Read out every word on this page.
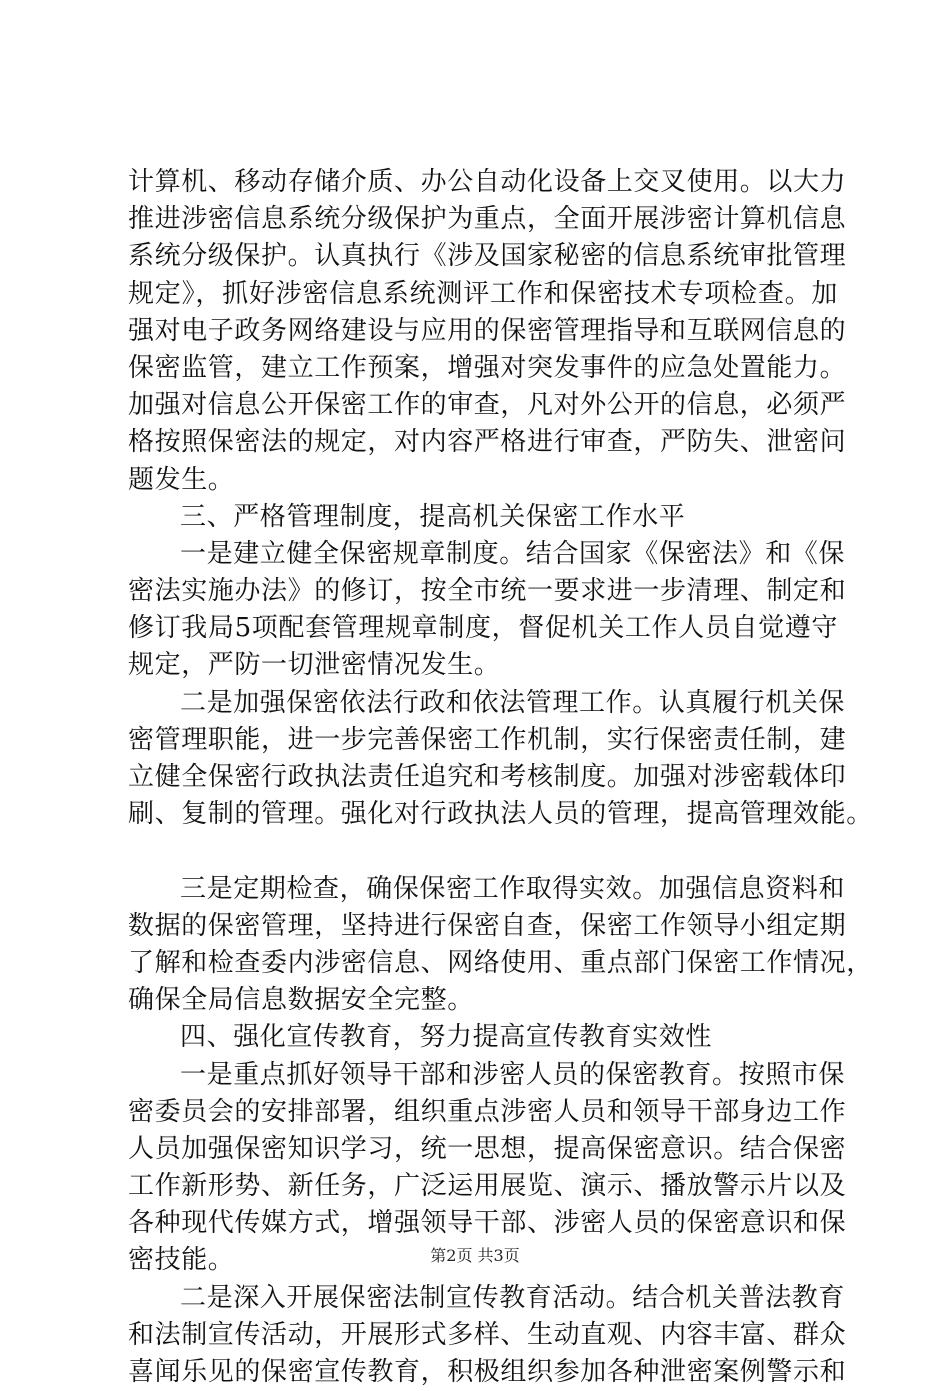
计算机、移动存储介质、办公自动化设备上交叉使用。以大力
推进涉密信息系统分级保护为重点，全面开展涉密计算机信息
系统分级保护。认真执行《涉及国家秘密的信息系统审批管理
规定》，抓好涉密信息系统测评工作和保密技术专项检查。加
强对电子政务网络建设与应用的保密管理指导和互联网信息的
保密监管，建立工作预案，增强对突发事件的应急处置能力。
加强对信息公开保密工作的审查，凡对外公开的信息，必须严
格按照保密法的规定，对内容严格进行审查，严防失、泄密问
题发生。
三、严格管理制度，提高机关保密工作水平
一是建立健全保密规章制度。结合国家《保密法》和《保
密法实施办法》的修订，按全市统一要求进一步清理、制定和
修订我局5项配套管理规章制度，督促机关工作人员自觉遵守
规定，严防一切泄密情况发生。
二是加强保密依法行政和依法管理工作。认真履行机关保
密管理职能，进一步完善保密工作机制，实行保密责任制，建
立健全保密行政执法责任追究和考核制度。加强对涉密载体印
刷、复制的管理。强化对行政执法人员的管理，提高管理效能。
三是定期检查，确保保密工作取得实效。加强信息资料和
数据的保密管理，坚持进行保密自查，保密工作领导小组定期
了解和检查委内涉密信息、网络使用、重点部门保密工作情况，
确保全局信息数据安全完整。
四、强化宣传教育，努力提高宣传教育实效性
一是重点抓好领导干部和涉密人员的保密教育。按照市保
密委员会的安排部署，组织重点涉密人员和领导干部身边工作
人员加强保密知识学习，统一思想，提高保密意识。结合保密
工作新形势、新任务，广泛运用展览、演示、播放警示片以及
各种现代传媒方式，增强领导干部、涉密人员的保密意识和保
密技能。
二是深入开展保密法制宣传教育活动。结合机关普法教育
和法制宣传活动，开展形式多样、生动直观、内容丰富、群众
喜闻乐见的保密宣传教育，积极组织参加各种泄密案例警示和
第2页 共3页
